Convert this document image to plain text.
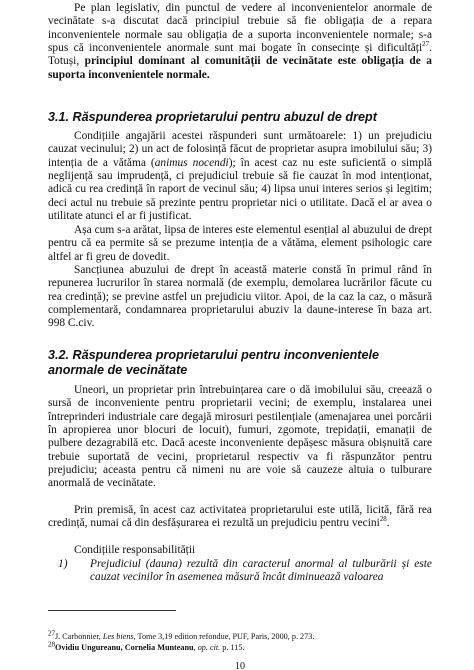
Pe plan legislativ, din punctul de vedere al inconvenientelor anormale de vecinătate s-a discutat dacă principiul trebuie să fie obligația de a repara inconvenientele normale sau obligația de a suporta inconvenientele normale; s-a spus că inconvenientele anormale sunt mai bogate în consecințe și dificultăți$^{27}$. Totuși, principiul dominant al comunității de vecinătate este obligația de a suporta inconvenientele normale.

3.1. Răspunderea proprietarului pentru abuzul de drept

Condițiile angajării acestei răspunderi sunt următoarele: 1) un prejudiciu cauzat vecinului; 2) un act de folosință făcut de proprietar asupra imobilului său; 3) intenția de a vătăma (animus nocendi); în acest caz nu este suficientă o simplă neglijență sau imprudență, ci prejudiciul trebuie să fie cauzat în mod intenționat, adică cu rea credință în raport de vecinul său; 4) lipsa unui interes serios și legitim; deci actul nu trebuie să prezinte pentru proprietar nici o utilitate. Dacă el ar avea o utilitate atunci el ar fi justificat.

Așa cum s-a arătat, lipsa de interes este elementul esențial al abuzului de drept pentru că ea permite să se prezume intenția de a vătăma, element psihologic care altfel ar fi greu de dovedit.

Sancțiunea abuzului de drept în această materie constă în primul rând în repunerea lucrurilor în starea normală (de exemplu, demolarea lucrărilor făcute cu rea credință); se previne astfel un prejudiciu viitor. Apoi, de la caz la caz, o măsură complementară, condamnarea proprietarului abuziv la daune-interese în baza art. 998 C.civ.

3.2. Răspunderea proprietarului pentru inconvenientele anormale de vecinătate

Uneori, un proprietar prin întrebuințarea care o dă imobilului său, creează o sursă de inconveniente pentru proprietarii vecini; de exemplu, instalarea unei întreprinderi industriale care degajă mirosuri pestilențiale (amenajarea unei porcării în apropierea unor blocuri de locuit), fumuri, zgomote, trepidații, emanații de pulbere dezagrabilă etc. Dacă aceste inconveniente depășesc măsura obișnuită care trebuie suportată de vecini, proprietarul respectiv va fi răspunzător pentru prejudiciu; aceasta pentru că nimeni nu are voie să cauzeze altuia o tulburare anormală de vecinătate.

Prin premisă, în acest caz activitatea proprietarului este utilă, licită, fără rea credință, numai că din desfășurarea ei rezultă un prejudiciu pentru vecini$^{28}$.

Condițiile responsabilității

1)	Prejudiciul (dauna) rezultă din caracterul anormal al tulburării și este cauzat vecinilor în asemenea măsură încât diminuează valoarea
$^{27}$J. Carbonnier, Les biens, Tome 3,19 edition refondue, PUF, Paris, 2000, p. 273.
$^{28}$Ovidiu Ungureanu, Cornelia Munteanu, op. cit. p. 115.
10
